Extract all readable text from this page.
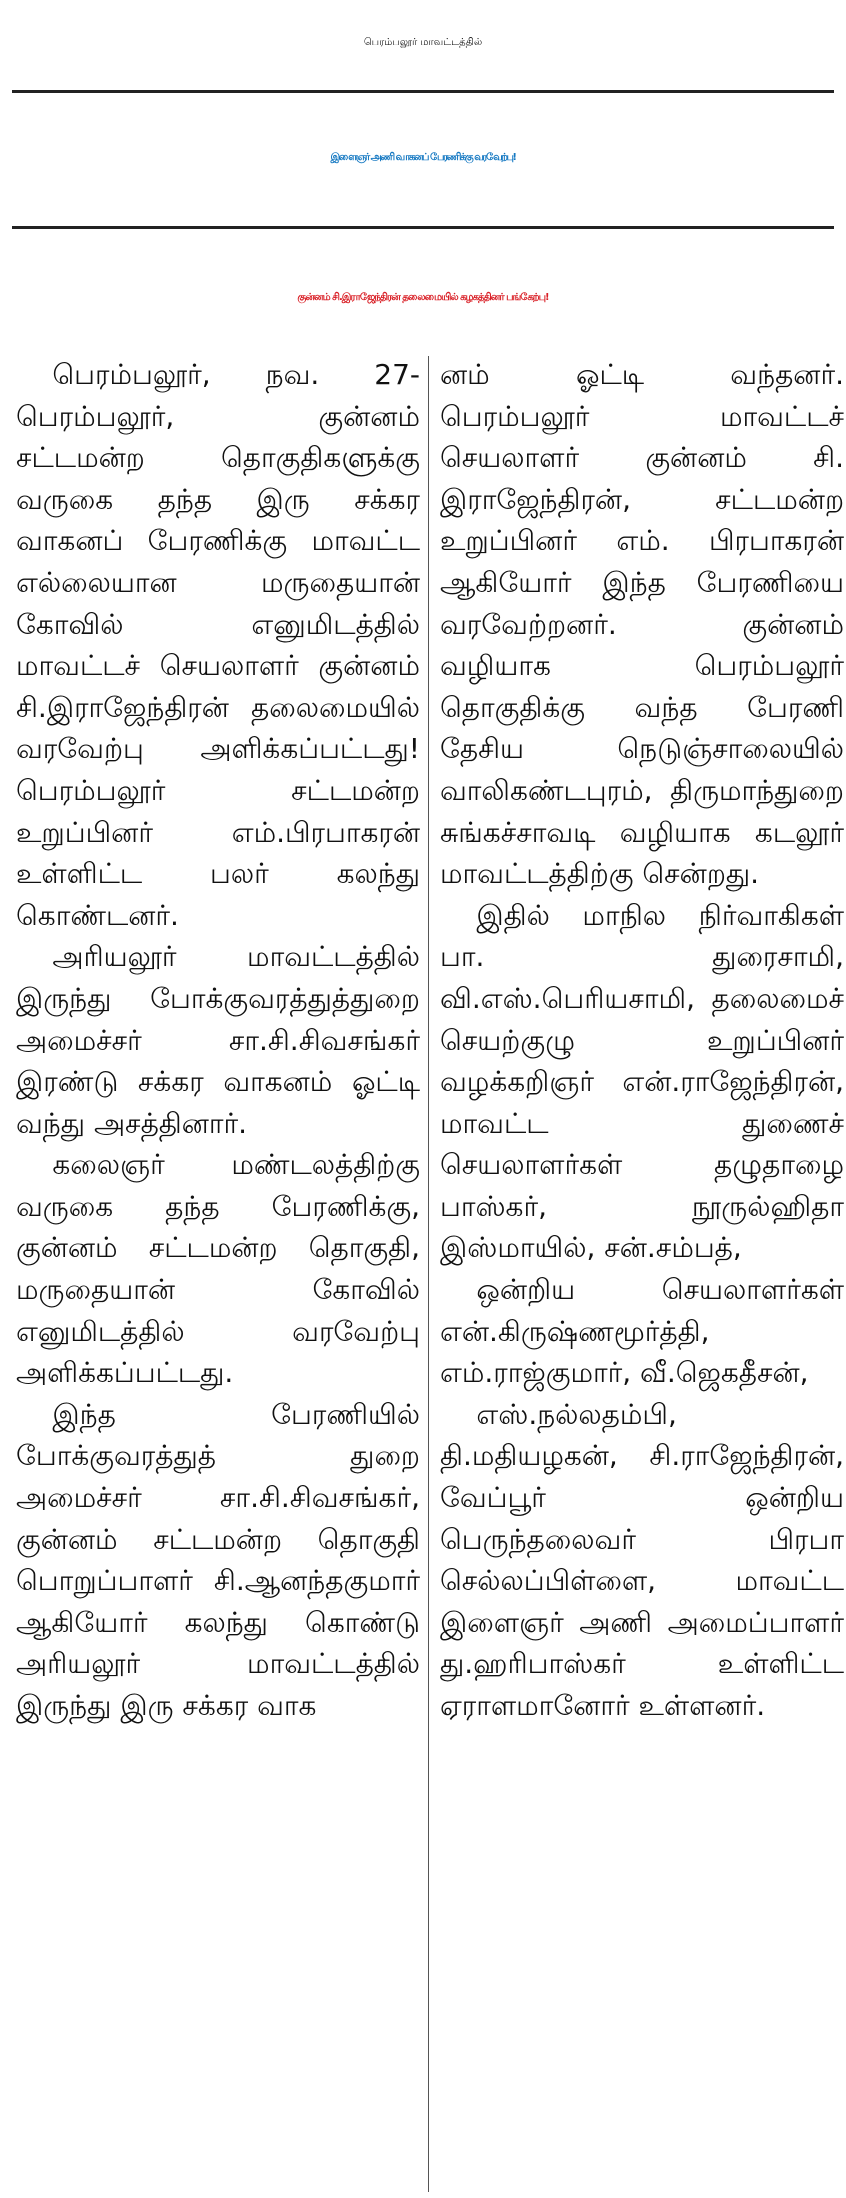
பெரம்பலூர் மாவட்டத்தில்
இளைஞர் அணி வாகனப் பேரணிக்கு வரவேற்பு!
குன்னம் சி.இராஜேந்திரன் தலைமையில் கழகத்தினர் பங்கேற்பு!

பெரம்பலூர், நவ. 27- பெரம்பலூர், குன்னம் சட்டமன்ற தொகுதிகளுக்கு வருகை தந்த இரு சக்கர வாகனப் பேரணிக்கு மாவட்ட எல்லையான மருதையான் கோவில் எனுமிடத்தில் மாவட்டச் செயலாளர் குன்னம் சி.இராஜேந்திரன் தலைமையில் வரவேற்பு அளிக்கப்பட்டது! பெரம்பலூர் சட்டமன்ற உறுப்பினர் எம்.பிரபாகரன் உள்ளிட்ட பலர் கலந்து கொண்டனர்.

அரியலூர் மாவட்டத்தில் இருந்து போக்குவரத்துத்துறை அமைச்சர் சா.சி.சிவசங்கர் இரண்டு சக்கர வாகனம் ஓட்டி வந்து அசத்தினார்.

கலைஞர் மண்டலத்திற்கு வருகை தந்த பேரணிக்கு, குன்னம் சட்டமன்ற தொகுதி, மருதையான் கோவில் எனுமிடத்தில் வரவேற்பு அளிக்கப்பட்டது.

இந்த பேரணியில் போக்குவரத்துத் துறை அமைச்சர் சா.சி.சிவசங்கர், குன்னம் சட்டமன்ற தொகுதி பொறுப்பாளர் சி.ஆனந்தகுமார் ஆகியோர் கலந்து கொண்டு அரியலூர் மாவட்டத்தில் இருந்து இரு சக்கர வாக

னம் ஓட்டி வந்தனர். பெரம்பலூர் மாவட்டச் செயலாளர் குன்னம் சி. இராஜேந்திரன், சட்டமன்ற உறுப்பினர் எம். பிரபாகரன் ஆகியோர் இந்த பேரணியை வரவேற்றனர். குன்னம் வழியாக பெரம்பலூர் தொகுதிக்கு வந்த பேரணி தேசிய நெடுஞ்சாலையில் வாலிகண்டபுரம், திருமாந்துறை சுங்கச்சாவடி வழியாக கடலூர் மாவட்டத்திற்கு சென்றது.

இதில் மாநில நிர்வாகிகள் பா. துரைசாமி, வி.எஸ்.பெரியசாமி, தலைமைச் செயற்குழு உறுப்பினர் வழக்கறிஞர் என்.ராஜேந்திரன், மாவட்ட துணைச் செயலாளர்கள் தழுதாழை பாஸ்கர், நூருல்ஹிதா இஸ்மாயில், சன்.சம்பத்,

ஒன்றிய செயலாளர்கள் என்.கிருஷ்ணமூர்த்தி, எம்.ராஜ்குமார், வீ.ஜெகதீசன்,

எஸ்.நல்லதம்பி, தி.மதியழகன், சி.ராஜேந்திரன், வேப்பூர் ஒன்றிய பெருந்தலைவர் பிரபா செல்லப்பிள்ளை, மாவட்ட இளைஞர் அணி அமைப்பாளர் து.ஹரிபாஸ்கர் உள்ளிட்ட ஏராளமானோர் உள்ளனர்.
